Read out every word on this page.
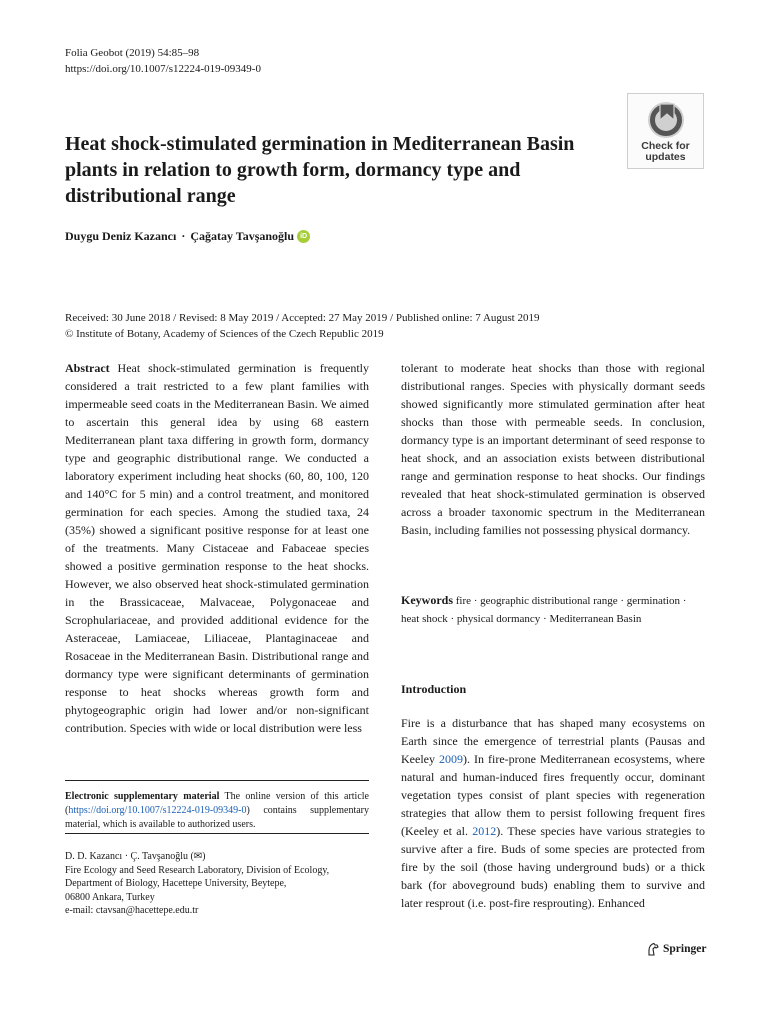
Folia Geobot (2019) 54:85–98
https://doi.org/10.1007/s12224-019-09349-0
Check for
updates
Heat shock-stimulated germination in Mediterranean Basin plants in relation to growth form, dormancy type and distributional range
Duygu Deniz Kazancı · Çağatay Tavşanoğlu iD
Received: 30 June 2018 / Revised: 8 May 2019 / Accepted: 27 May 2019 / Published online: 7 August 2019
© Institute of Botany, Academy of Sciences of the Czech Republic 2019

Abstract Heat shock-stimulated germination is frequently considered a trait restricted to a few plant families with impermeable seed coats in the Mediterranean Basin. We aimed to ascertain this general idea by using 68 eastern Mediterranean plant taxa differing in growth form, dormancy type and geographic distributional range. We conducted a laboratory experiment including heat shocks (60, 80, 100, 120 and 140°C for 5 min) and a control treatment, and monitored germination for each species. Among the studied taxa, 24 (35%) showed a significant positive response for at least one of the treatments. Many Cistaceae and Fabaceae species showed a positive germination response to the heat shocks. However, we also observed heat shock-stimulated germination in the Brassicaceae, Malvaceae, Polygonaceae and Scrophulariaceae, and provided additional evidence for the Asteraceae, Lamiaceae, Liliaceae, Plantaginaceae and Rosaceae in the Mediterranean Basin. Distributional range and dormancy type were significant determinants of germination response to heat shocks whereas growth form and phytogeographic origin had lower and/or non-significant contribution. Species with wide or local distribution were less

tolerant to moderate heat shocks than those with regional distributional ranges. Species with physically dormant seeds showed significantly more stimulated germination after heat shocks than those with permeable seeds. In conclusion, dormancy type is an important determinant of seed response to heat shock, and an association exists between distributional range and germination response to heat shocks. Our findings revealed that heat shock-stimulated germination is observed across a broader taxonomic spectrum in the Mediterranean Basin, including families not possessing physical dormancy.

Keywords fire · geographic distributional range · germination · heat shock · physical dormancy · Mediterranean Basin
Electronic supplementary material The online version of this article (https://doi.org/10.1007/s12224-019-09349-0) contains supplementary material, which is available to authorized users.
D. D. Kazancı · Ç. Tavşanoğlu (✉)
Fire Ecology and Seed Research Laboratory, Division of Ecology,
Department of Biology, Hacettepe University, Beytepe,
06800 Ankara, Turkey
e-mail: ctavsan@hacettepe.edu.tr
Introduction

Fire is a disturbance that has shaped many ecosystems on Earth since the emergence of terrestrial plants (Pausas and Keeley 2009). In fire-prone Mediterranean ecosystems, where natural and human-induced fires frequently occur, dominant vegetation types consist of plant species with regeneration strategies that allow them to persist following frequent fires (Keeley et al. 2012). These species have various strategies to survive after a fire. Buds of some species are protected from fire by the soil (those having underground buds) or a thick bark (for aboveground buds) enabling them to survive and later resprout (i.e. post-fire resprouting). Enhanced

Springer
